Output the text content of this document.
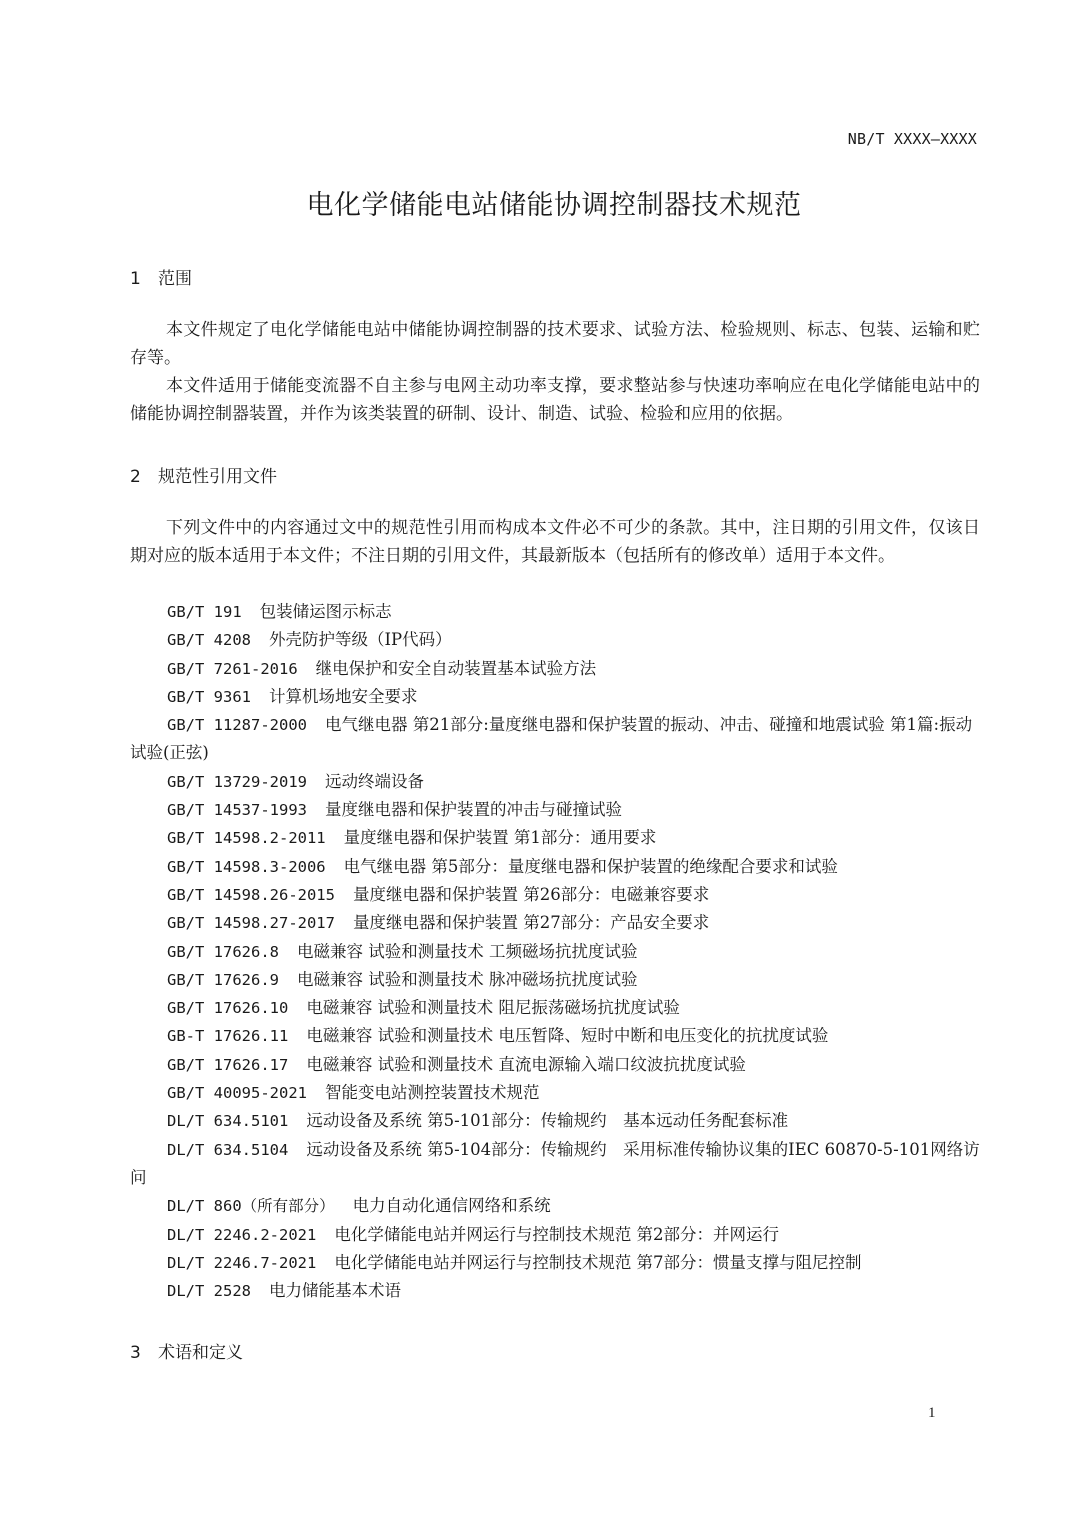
NB/T XXXX—XXXX
电化学储能电站储能协调控制器技术规范
1 范围
本文件规定了电化学储能电站中储能协调控制器的技术要求、试验方法、检验规则、标志、包装、运输和贮存等。
本文件适用于储能变流器不自主参与电网主动功率支撑，要求整站参与快速功率响应在电化学储能电站中的储能协调控制器装置，并作为该类装置的研制、设计、制造、试验、检验和应用的依据。
2 规范性引用文件
下列文件中的内容通过文中的规范性引用而构成本文件必不可少的条款。其中，注日期的引用文件，仅该日期对应的版本适用于本文件；不注日期的引用文件，其最新版本（包括所有的修改单）适用于本文件。
GB/T 191 包装储运图示标志
GB/T 4208 外壳防护等级（IP代码）
GB/T 7261-2016 继电保护和安全自动装置基本试验方法
GB/T 9361 计算机场地安全要求
GB/T 11287-2000 电气继电器 第21部分:量度继电器和保护装置的振动、冲击、碰撞和地震试验 第1篇:振动试验(正弦)
GB/T 13729-2019 远动终端设备
GB/T 14537-1993 量度继电器和保护装置的冲击与碰撞试验
GB/T 14598.2-2011 量度继电器和保护装置 第1部分：通用要求
GB/T 14598.3-2006 电气继电器 第5部分：量度继电器和保护装置的绝缘配合要求和试验
GB/T 14598.26-2015 量度继电器和保护装置 第26部分：电磁兼容要求
GB/T 14598.27-2017 量度继电器和保护装置 第27部分：产品安全要求
GB/T 17626.8 电磁兼容 试验和测量技术 工频磁场抗扰度试验
GB/T 17626.9 电磁兼容 试验和测量技术 脉冲磁场抗扰度试验
GB/T 17626.10 电磁兼容 试验和测量技术 阻尼振荡磁场抗扰度试验
GB-T 17626.11 电磁兼容 试验和测量技术 电压暂降、短时中断和电压变化的抗扰度试验
GB/T 17626.17 电磁兼容 试验和测量技术 直流电源输入端口纹波抗扰度试验
GB/T 40095-2021 智能变电站测控装置技术规范
DL/T 634.5101 远动设备及系统 第5-101部分：传输规约　基本远动任务配套标准
DL/T 634.5104 远动设备及系统 第5-104部分：传输规约　采用标准传输协议集的IEC 60870-5-101网络访问
DL/T 860（所有部分） 电力自动化通信网络和系统
DL/T 2246.2-2021 电化学储能电站并网运行与控制技术规范 第2部分：并网运行
DL/T 2246.7-2021 电化学储能电站并网运行与控制技术规范 第7部分：惯量支撑与阻尼控制
DL/T 2528 电力储能基本术语
3 术语和定义
1
